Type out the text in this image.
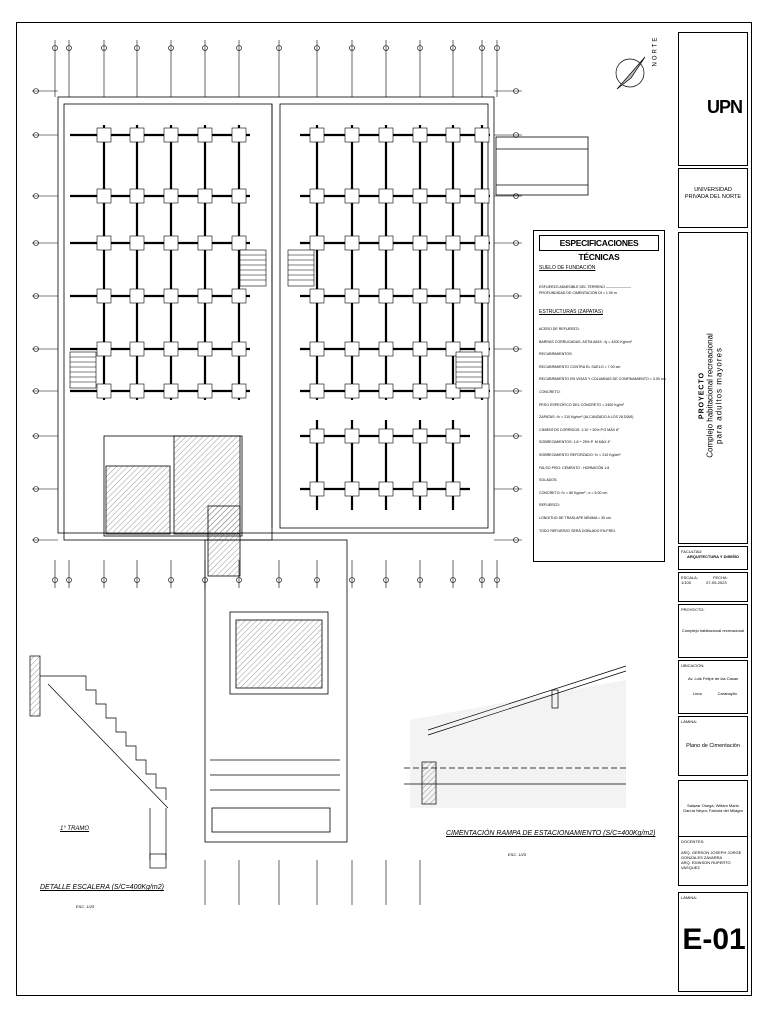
UPN
UNIVERSIDAD
PRIVADA DEL NORTE
PROYECTO Complejo habitacional recreacional para adultos mayores
FACULTAD:
ARQUITECTURA Y DISEÑO
ESCALA:	FECHA:
1/100	07-09-2023
PROYECTO:
Complejo habitacional recreacional
UBICACIÓN:
Av. Luis Felipe de las Casas
Lima	Carabayllo
LÁMINA:
Plano de Cimentación
Salazar Osega, Wiliam Mario
García Neyra, Fabíola del Milagro
DOCENTES:
ARQ. GERSON JOSEPH JORGE
GONZALES ZAVARRA
ARQ. EDINSON RUPERTO VASQUEZ
LÁMINA:
E-01
NORTE
ESPECIFICACIONES TÉCNICAS
SUELO DE FUNDACIÓN
ESFUERZO ADMISIBLE DEL TERRENO ———————
PROFUNDIDAD DE CIMENTACIÓN Df = 1.00 m
ESTRUCTURAS (ZAPATAS)
ACERO DE REFUERZO:
BARRAS CORRUGADAS, ASTM A615 : fy = 4200 Kg/cm²
RECUBRIMIENTOS:
RECUBRIMIENTO CONTRA EL SUELO = 7.00 cm
RECUBRIMIENTO EN VIGAS Y COLUMNAS DE CONFINAMIENTO = 3.00 cm
CONCRETO:
PESO ESPECÍFICO DEL CONCRETO = 2400 Kg/m³
ZAPATAS: f'c = 210 Kg/cm² (ALCANZADO A LOS 28 DÍAS)
CIMIENTOS CORRIDOS: 1:10 + 30% P.G MÁX 8"
SOBRECIMIENTOS: 1:8 + 25% P. M MÁX 4"
SOBRECIMIENTO REFORZADO: f'c = 210 Kg/cm²
FALSO PISO: CEMENTO : HORMIGÓN 1:8
SOLADOS:
CONCRETO: f'c = 80 Kg/cm² ; e = 5.00 cm
REFUERZO:
LONGITUD DE TRASLAPE MÍNIMA = 30 cm
TODO REFUERZO SERÁ DOBLADO EN FRÍO.
DETALLE ESCALERA (S/C=400Kg/m2)
ESC. 1/25
1° TRAMO
CIMENTACIÓN RAMPA DE ESTACIONAMIENTO (S/C=400Kg/m2)
ESC. 1/25
